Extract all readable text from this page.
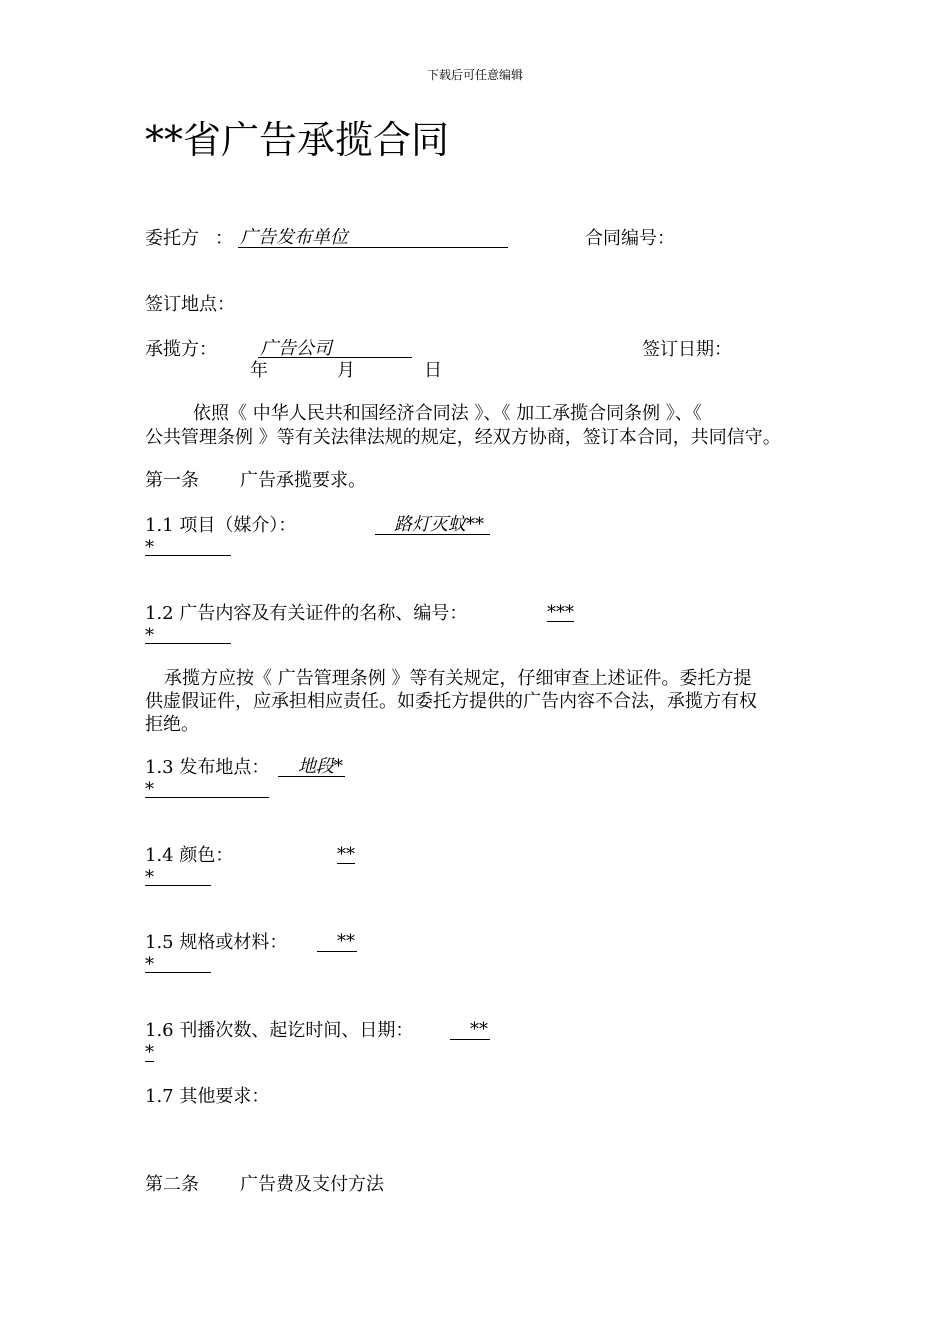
下载后可任意编辑
**省广告承揽合同
委托方 ： 广告发布单位	合同编号：
签订地点：
承揽方： 广告公司	签订日期：
年	月	日
依照《 中华人民共和国经济合同法 》、《 加工承揽合同条例 》、《
公共管理条例 》等有关法律法规的规定，经双方协商，签订本合同，共同信守。
第一条 广告承揽要求。
1.1 项目（媒介）：	路灯灭蚊**
*
1.2 广告内容及有关证件的名称、编号：	***
*
承揽方应按《 广告管理条例 》等有关规定，仔细审查上述证件。委托方提
供虚假证件，应承担相应责任。如委托方提供的广告内容不合法，承揽方有权
拒绝。
1.3 发布地点： 地段*
*
1.4 颜色：	**
*
1.5 规格或材料：	**
*
1.6 刊播次数、起讫时间、日期：	**
*
1.7 其他要求：
第二条 广告费及支付方法
